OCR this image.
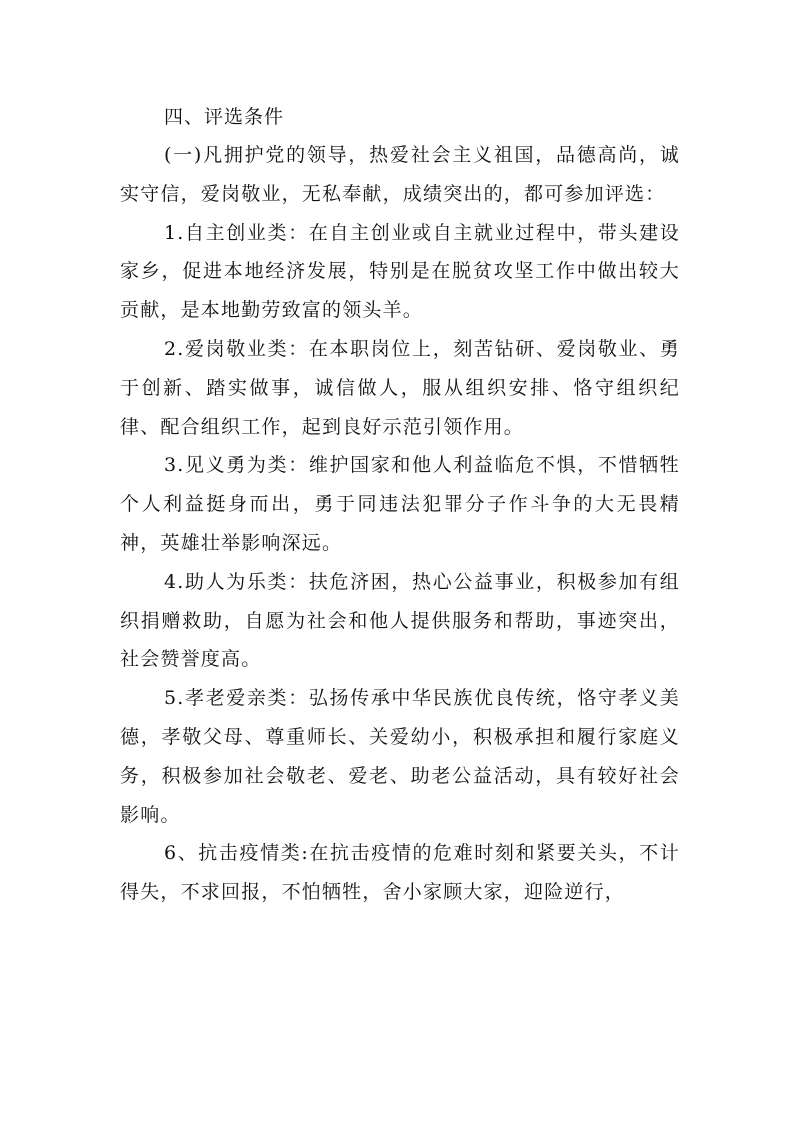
四、评选条件

(一)凡拥护党的领导，热爱社会主义祖国，品德高尚，诚实守信，爱岗敬业，无私奉献，成绩突出的，都可参加评选：

1.自主创业类：在自主创业或自主就业过程中，带头建设家乡，促进本地经济发展，特别是在脱贫攻坚工作中做出较大贡献，是本地勤劳致富的领头羊。

2.爱岗敬业类：在本职岗位上，刻苦钻研、爱岗敬业、勇于创新、踏实做事，诚信做人，服从组织安排、恪守组织纪律、配合组织工作，起到良好示范引领作用。

3.见义勇为类：维护国家和他人利益临危不惧，不惜牺牲个人利益挺身而出，勇于同违法犯罪分子作斗争的大无畏精神，英雄壮举影响深远。

4.助人为乐类：扶危济困，热心公益事业，积极参加有组织捐赠救助，自愿为社会和他人提供服务和帮助，事迹突出，社会赞誉度高。

5.孝老爱亲类：弘扬传承中华民族优良传统，恪守孝义美德，孝敬父母、尊重师长、关爱幼小，积极承担和履行家庭义务，积极参加社会敬老、爱老、助老公益活动，具有较好社会影响。

6、抗击疫情类:在抗击疫情的危难时刻和紧要关头，不计得失，不求回报，不怕牺牲，舍小家顾大家，迎险逆行，
